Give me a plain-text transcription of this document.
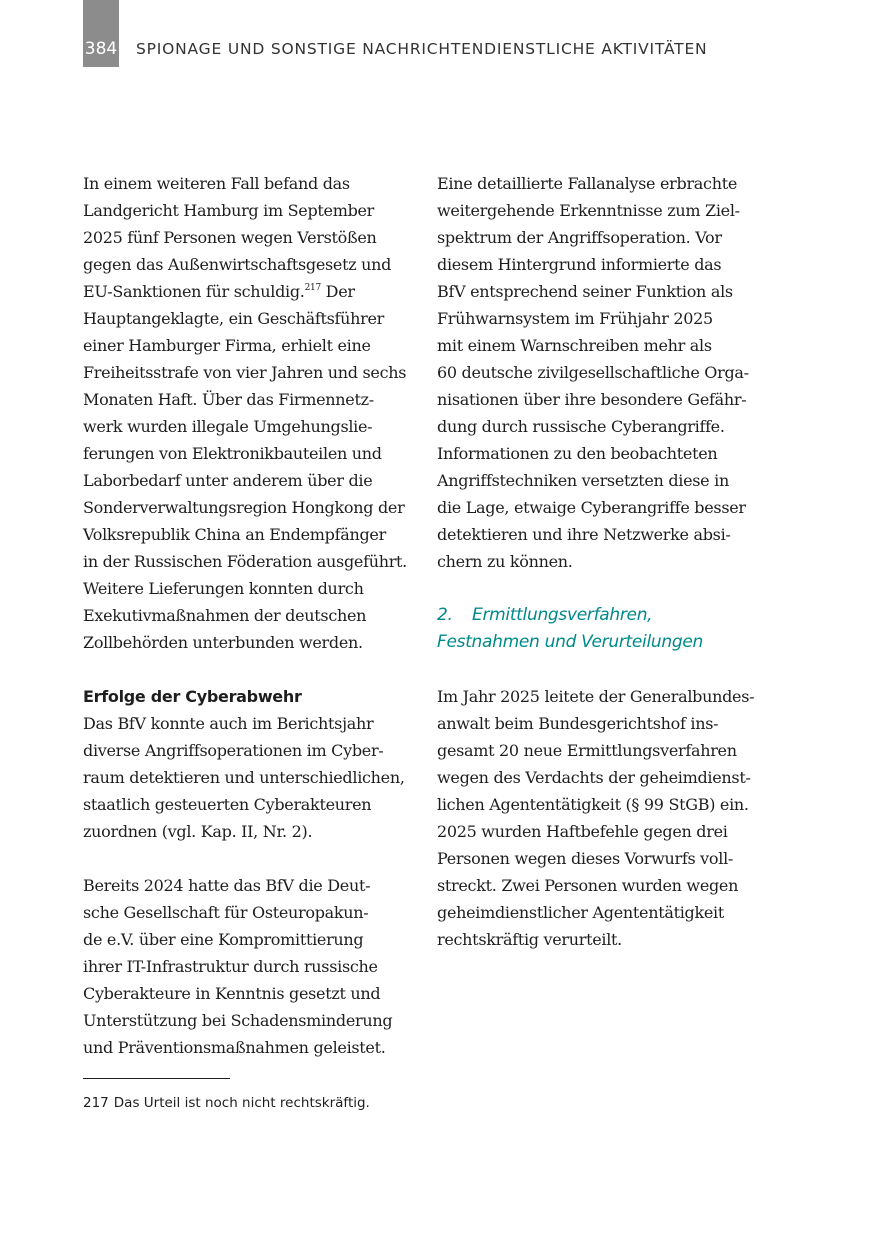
384 SPIONAGE UND SONSTIGE NACHRICHTENDIENSTLICHE AKTIVITÄTEN
In einem weiteren Fall befand das
Landgericht Hamburg im September
2025 fünf Personen wegen Verstößen
gegen das Außenwirtschaftsgesetz und
EU-Sanktionen für schuldig.$^{217}$ Der
Hauptangeklagte, ein Geschäftsführer
einer Hamburger Firma, erhielt eine
Freiheitsstrafe von vier Jahren und sechs
Monaten Haft. Über das Firmennetz-
werk wurden illegale Umgehungslie-
ferungen von Elektronikbauteilen und
Laborbedarf unter anderem über die
Sonderverwaltungsregion Hongkong der
Volksrepublik China an Endempfänger
in der Russischen Föderation ausgeführt.
Weitere Lieferungen konnten durch
Exekutivmaßnahmen der deutschen
Zollbehörden unterbunden werden.
Erfolge der Cyberabwehr
Das BfV konnte auch im Berichtsjahr
diverse Angriffsoperationen im Cyber-
raum detektieren und unterschiedlichen,
staatlich gesteuerten Cyberakteuren
zuordnen (vgl. Kap. II, Nr. 2).
Bereits 2024 hatte das BfV die Deut-
sche Gesellschaft für Osteuropakun-
de e.V. über eine Kompromittierung
ihrer IT-Infrastruktur durch russische
Cyberakteure in Kenntnis gesetzt und
Unterstützung bei Schadensminderung
und Präventionsmaßnahmen geleistet.
Eine detaillierte Fallanalyse erbrachte
weitergehende Erkenntnisse zum Ziel-
spektrum der Angriffsoperation. Vor
diesem Hintergrund informierte das
BfV entsprechend seiner Funktion als
Frühwarnsystem im Frühjahr 2025
mit einem Warnschreiben mehr als
60 deutsche zivilgesellschaftliche Orga-
nisationen über ihre besondere Gefähr-
dung durch russische Cyberangriffe.
Informationen zu den beobachteten
Angriffstechniken versetzten diese in
die Lage, etwaige Cyberangriffe besser
detektieren und ihre Netzwerke absi-
chern zu können.
2. Ermittlungsverfahren,
Festnahmen und Verurteilungen
Im Jahr 2025 leitete der Generalbundes-
anwalt beim Bundesgerichtshof ins-
gesamt 20 neue Ermittlungsverfahren
wegen des Verdachts der geheimdienst-
lichen Agententätigkeit (§ 99 StGB) ein.
2025 wurden Haftbefehle gegen drei
Personen wegen dieses Vorwurfs voll-
streckt. Zwei Personen wurden wegen
geheimdienstlicher Agententätigkeit
rechtskräftig verurteilt.
217 Das Urteil ist noch nicht rechtskräftig.
